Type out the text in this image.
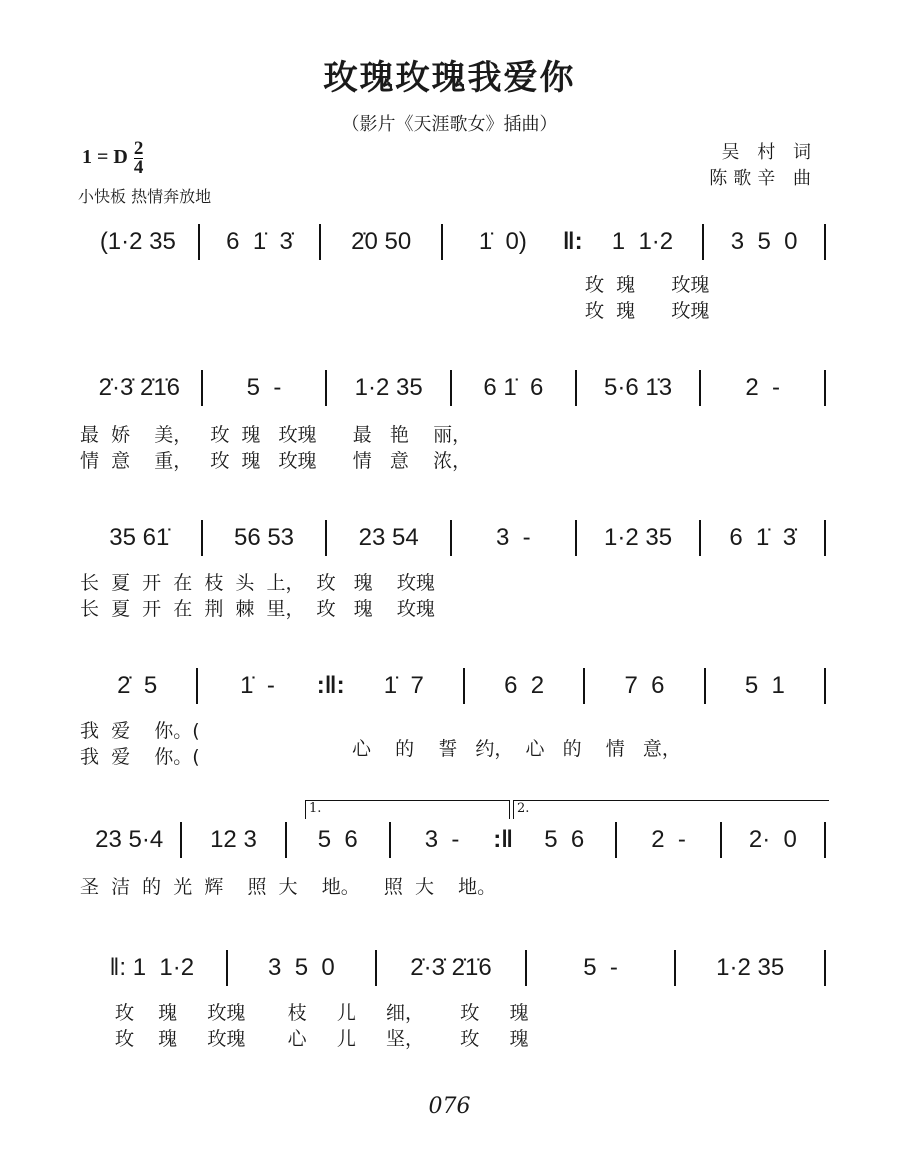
玫瑰玫瑰我爱你
（影片《天涯歌女》插曲）
1 = D $\frac{2}{4}$
小快板 热情奔放地
吴 村 词
陈歌辛 曲
(1·2 35	6  1̇  3̇	2̇0 50	1̇  0)	‖:	1  1·2	3  5  0
玫  瑰      玫瑰
玫  瑰      玫瑰
2̇·3̇ 2̇1̇6	5  -	1·2 35	6 1̇  6	5·6 1̇3	2  -
最  娇    美，   玫  瑰   玫瑰      最   艳    丽，
情  意    重，   玫  瑰   玫瑰      情   意    浓，
35 61̇	56 53	23 54	3  -	1·2 35	6  1̇  3̇
长  夏  开  在  枝  头  上，  玫   瑰    玫瑰
长  夏  开  在  荆  棘  里，  玫   瑰    玫瑰
2̇  5	1̇  -	:‖:	1̇  7	6  2	7  6	5  1
我  爱    你。(
我  爱    你。(	心    的    誓   约，  心   的    情   意，
23 5·4	12 3	5  6	3  -	:‖	5  6	2  -	2·  0
圣  洁  的  光  辉    照  大    地。    照  大    地。
1.	2.
‖: 1  1·2	3  5  0	2̇·3̇ 2̇1̇6	5  -	1·2 35
玫    瑰     玫瑰       枝     儿     细，      玫     瑰
玫    瑰     玫瑰       心     儿     坚，      玫     瑰
076
